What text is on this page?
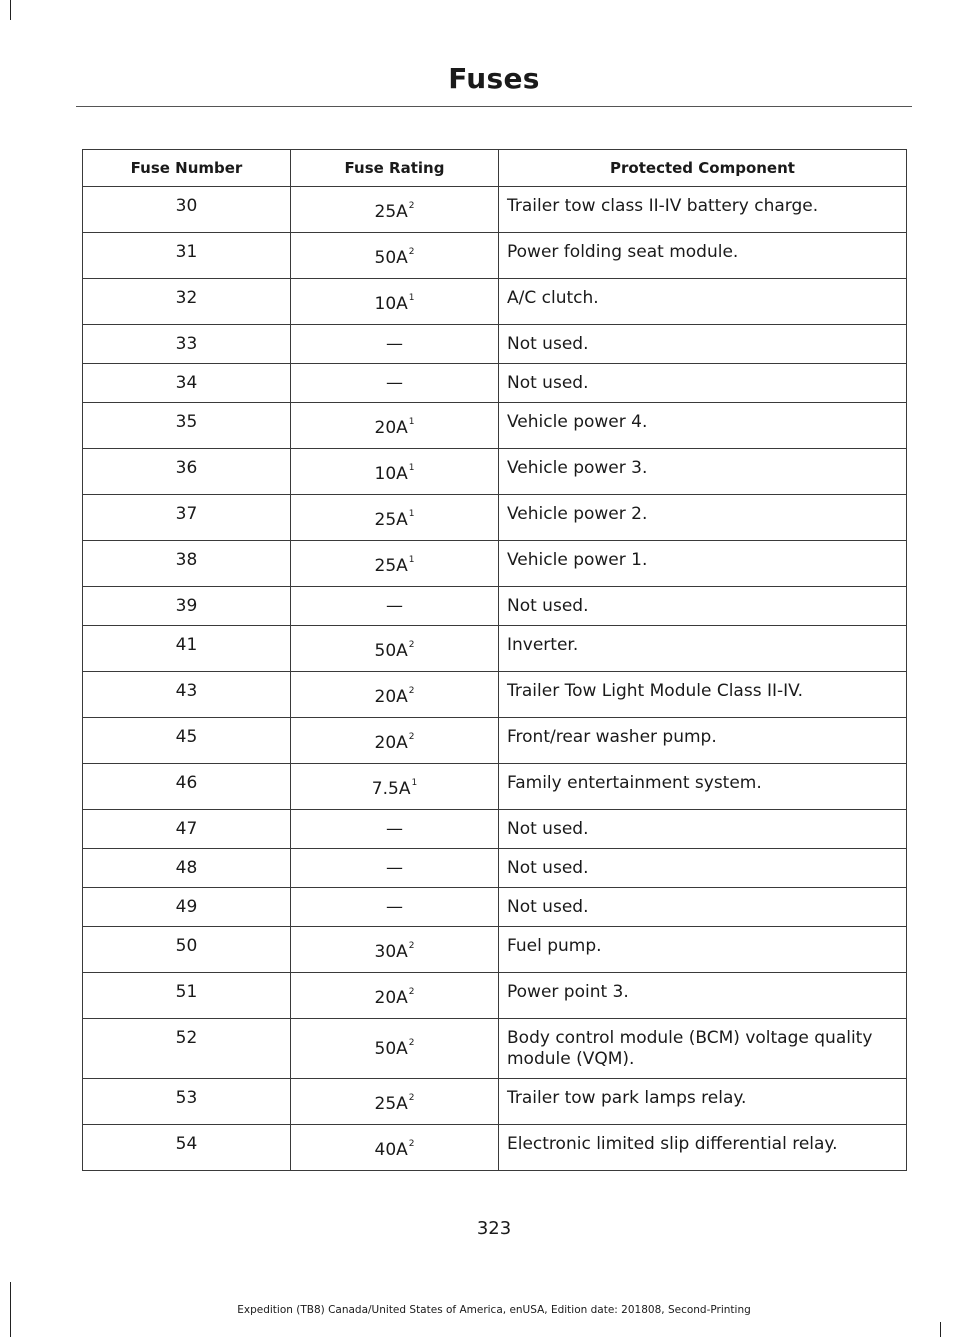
Fuses
Fuse Number	Fuse Rating	Protected Component
30	25A$^2$	Trailer tow class II-IV battery charge.
31	50A$^2$	Power folding seat module.
32	10A$^1$	A/C clutch.
33	—	Not used.
34	—	Not used.
35	20A$^1$	Vehicle power 4.
36	10A$^1$	Vehicle power 3.
37	25A$^1$	Vehicle power 2.
38	25A$^1$	Vehicle power 1.
39	—	Not used.
41	50A$^2$	Inverter.
43	20A$^2$	Trailer Tow Light Module Class II-IV.
45	20A$^2$	Front/rear washer pump.
46	7.5A$^1$	Family entertainment system.
47	—	Not used.
48	—	Not used.
49	—	Not used.
50	30A$^2$	Fuel pump.
51	20A$^2$	Power point 3.
52	50A$^2$	Body control module (BCM) voltage quality module (VQM).
53	25A$^2$	Trailer tow park lamps relay.
54	40A$^2$	Electronic limited slip differential relay.
323
Expedition (TB8) Canada/United States of America, enUSA, Edition date: 201808, Second-Printing
